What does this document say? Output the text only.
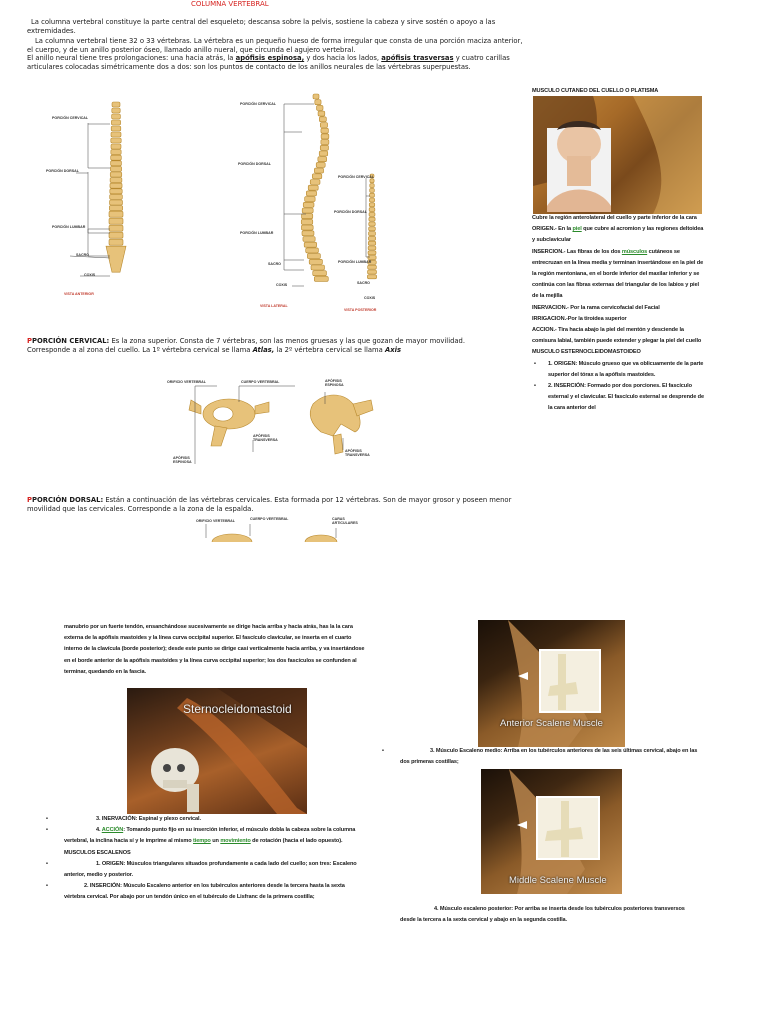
COLUMNA VERTEBRAL

La columna vertebral constituye la parte central del esqueleto; descansa sobre la pelvis, sostiene la cabeza y sirve sostén o apoyo a las extremidades.

La columna vertebral tiene 32 o 33 vértebras. La vértebra es un pequeño hueso de forma irregular que consta de una porción maciza anterior, el cuerpo, y de un anillo posterior óseo, llamado anillo nueral, que circunda el agujero vertebral.

El anillo neural tiene tres prolongaciones: una hacia atrás, la apófisis espinosa, y dos hacia los lados, apófisis trasversas y cuatro carillas articulares colocadas simétricamente dos a dos: son los puntos de contacto de los anillos neurales de las vértebras superpuestas.

PORCIÓN CERVICAL
PORCIÓN DORSAL
PORCIÓN LUMBAR
SACRO
COXIS
VISTA ANTERIOR
PORCIÓN CERVICAL
PORCIÓN DORSAL
PORCIÓN LUMBAR
SACRO
COXIS
VISTA LATERAL
PORCIÓN CERVICAL
PORCIÓN DORSAL
PORCIÓN LUMBAR
SACRO
COXIS
VISTA POSTERIOR
PPORCIÓN CERVICAL: Es la zona superior. Consta de 7 vértebras, son las menos gruesas y las que gozan de mayor movilidad. Corresponde a al zona del cuello. La 1º vértebra cervical se llama Atlas, la 2º vértebra cervical se llama Axis
ORIFICIO VERTEBRAL	CUERPO VERTEBRAL	APÓFISIS ESPINOSA
APÓFISIS TRANSVERSA
APÓFISIS ESPINOSA
APÓFISIS TRANSVERSA
PPORCIÓN DORSAL: Están a continuación de las vértebras cervicales. Esta formada por 12 vértebras. Son de mayor grosor y poseen menor movilidad que las cervicales. Corresponde a la zona de la espalda.
ORIFICIO VERTEBRAL	CUERPO VERTEBRAL	CARAS ARTICULARES
MUSCULO CUTANEO DEL CUELLO O PLATISMA

Cubre la región anterolateral del cuello y parte inferior de la cara

ORIGEN.- En la piel que cubre al acromion y las regiones deltoidea y subclavicular

INSERCION.- Las fibras de los dos músculos cutáneos se entrecruzan en la línea media y terminan insertándose en la piel de la región mentoniana, en el borde inferior del maxilar inferior y se continúa con las fibras externas del triangular de los labios y piel de la mejilla

INERVACION.- Por la rama cervicofacial del Facial

IRRIGACION.-Por la tiroidea superior

ACCION.- Tira hacia abajo la piel del mentón y desciende la comisura labial, también puede extender y plegar la piel del cuello

MUSCULO ESTERNOCLEIDOMASTOIDEO

• 1. ORIGEN: Músculo grueso que va oblicuamente de la parte superior del tórax a la apófisis mastoides.
• 2. INSERCIÓN: Formado por dos porciones. El fascículo esternal y el clavicular. El fascículo esternal se desprende de la cara anterior del
manubrio por un fuerte tendón, ensanchándose sucesivamente se dirige hacia arriba y hacia atrás, has la la cara externa de la apófisis mastoides y la línea curva occipital superior. El fascículo clavicular, se inserta en el cuarto interno de la clavícula (borde posterior); desde este punto se dirige casi verticalmente hacia arriba, y va insertándose en el borde anterior de la apófisis mastoides y la línea curva occipital superior; los dos fascículos se confunden al terminar, quedando en la fascia.
Sternocleidomastoid
•	3. INERVACIÓN: Espinal y plexo cervical.
•	4. ACCIÓN: Tomando punto fijo en su inserción inferior, el músculo dobla la cabeza sobre la columna vertebral, la inclina hacia sí y le imprime al mismo tiempo un movimiento de rotación (hacia el lado opuesto).

MUSCULOS ESCALENOS

•	1. ORIGEN: Músculos triangulares situados profundamente a cada lado del cuello; son tres: Escaleno anterior, medio y posterior.
•	2. INSERCIÓN: Músculo Escaleno anterior en los tubérculos anteriores desde la tercera hasta la sexta vértebra cervical. Por abajo por un tendón único en el tubérculo de Lisfranc de la primera costilla;
Anterior Scalene Muscle
•	3. Músculo Escaleno medio: Arriba en los tubérculos anteriores de las seis últimas cervical, abajo en las dos primeras costillas;

Middle Scalene Muscle

4. Músculo escaleno posterior: Por arriba se inserta desde los tubérculos posteriores transversos desde la tercera a la sexta cervical y abajo en la segunda costilla.
